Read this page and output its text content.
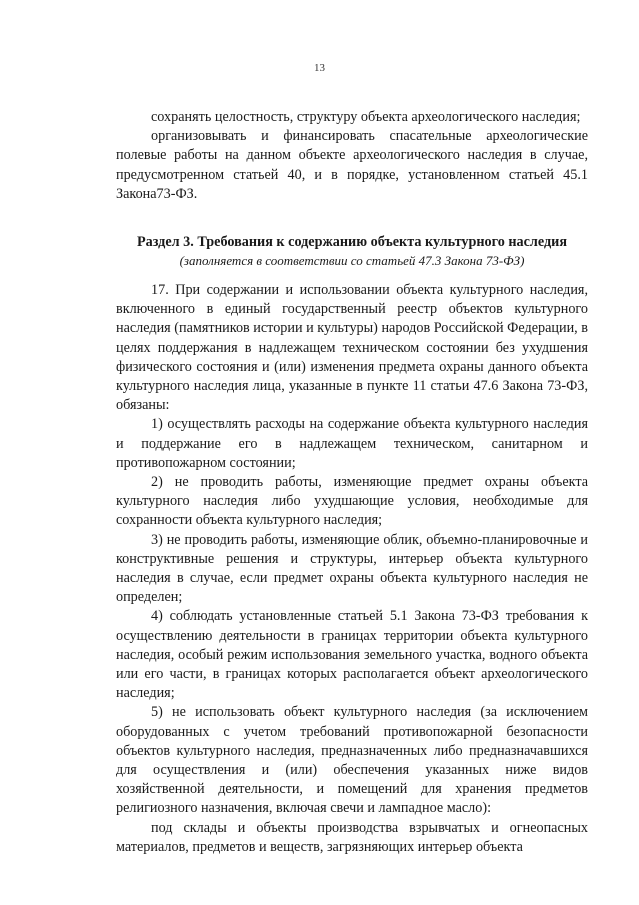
13

сохранять целостность, структуру объекта археологического наследия;

организовывать и финансировать спасательные археологические полевые работы на данном объекте археологического наследия в случае, предусмотренном статьей 40, и в порядке, установленном статьей 45.1 Закона73-ФЗ.

Раздел 3. Требования к содержанию объекта культурного наследия
(заполняется в соответствии со статьей 47.3 Закона 73-ФЗ)

17. При содержании и использовании объекта культурного наследия, включенного в единый государственный реестр объектов культурного наследия (памятников истории и культуры) народов Российской Федерации, в целях поддержания в надлежащем техническом состоянии без ухудшения физического состояния и (или) изменения предмета охраны данного объекта культурного наследия лица, указанные в пункте 11 статьи 47.6 Закона 73-ФЗ, обязаны:

1) осуществлять расходы на содержание объекта культурного наследия и поддержание его в надлежащем техническом, санитарном и противопожарном состоянии;

2) не проводить работы, изменяющие предмет охраны объекта культурного наследия либо ухудшающие условия, необходимые для сохранности объекта культурного наследия;

3) не проводить работы, изменяющие облик, объемно-планировочные и конструктивные решения и структуры, интерьер объекта культурного наследия в случае, если предмет охраны объекта культурного наследия не определен;

4) соблюдать установленные статьей 5.1 Закона 73-ФЗ требования к осуществлению деятельности в границах территории объекта культурного наследия, особый режим использования земельного участка, водного объекта или его части, в границах которых располагается объект археологического наследия;

5) не использовать объект культурного наследия (за исключением оборудованных с учетом требований противопожарной безопасности объектов культурного наследия, предназначенных либо предназначавшихся для осуществления и (или) обеспечения указанных ниже видов хозяйственной деятельности, и помещений для хранения предметов религиозного назначения, включая свечи и лампадное масло):

под склады и объекты производства взрывчатых и огнеопасных материалов, предметов и веществ, загрязняющих интерьер объекта
